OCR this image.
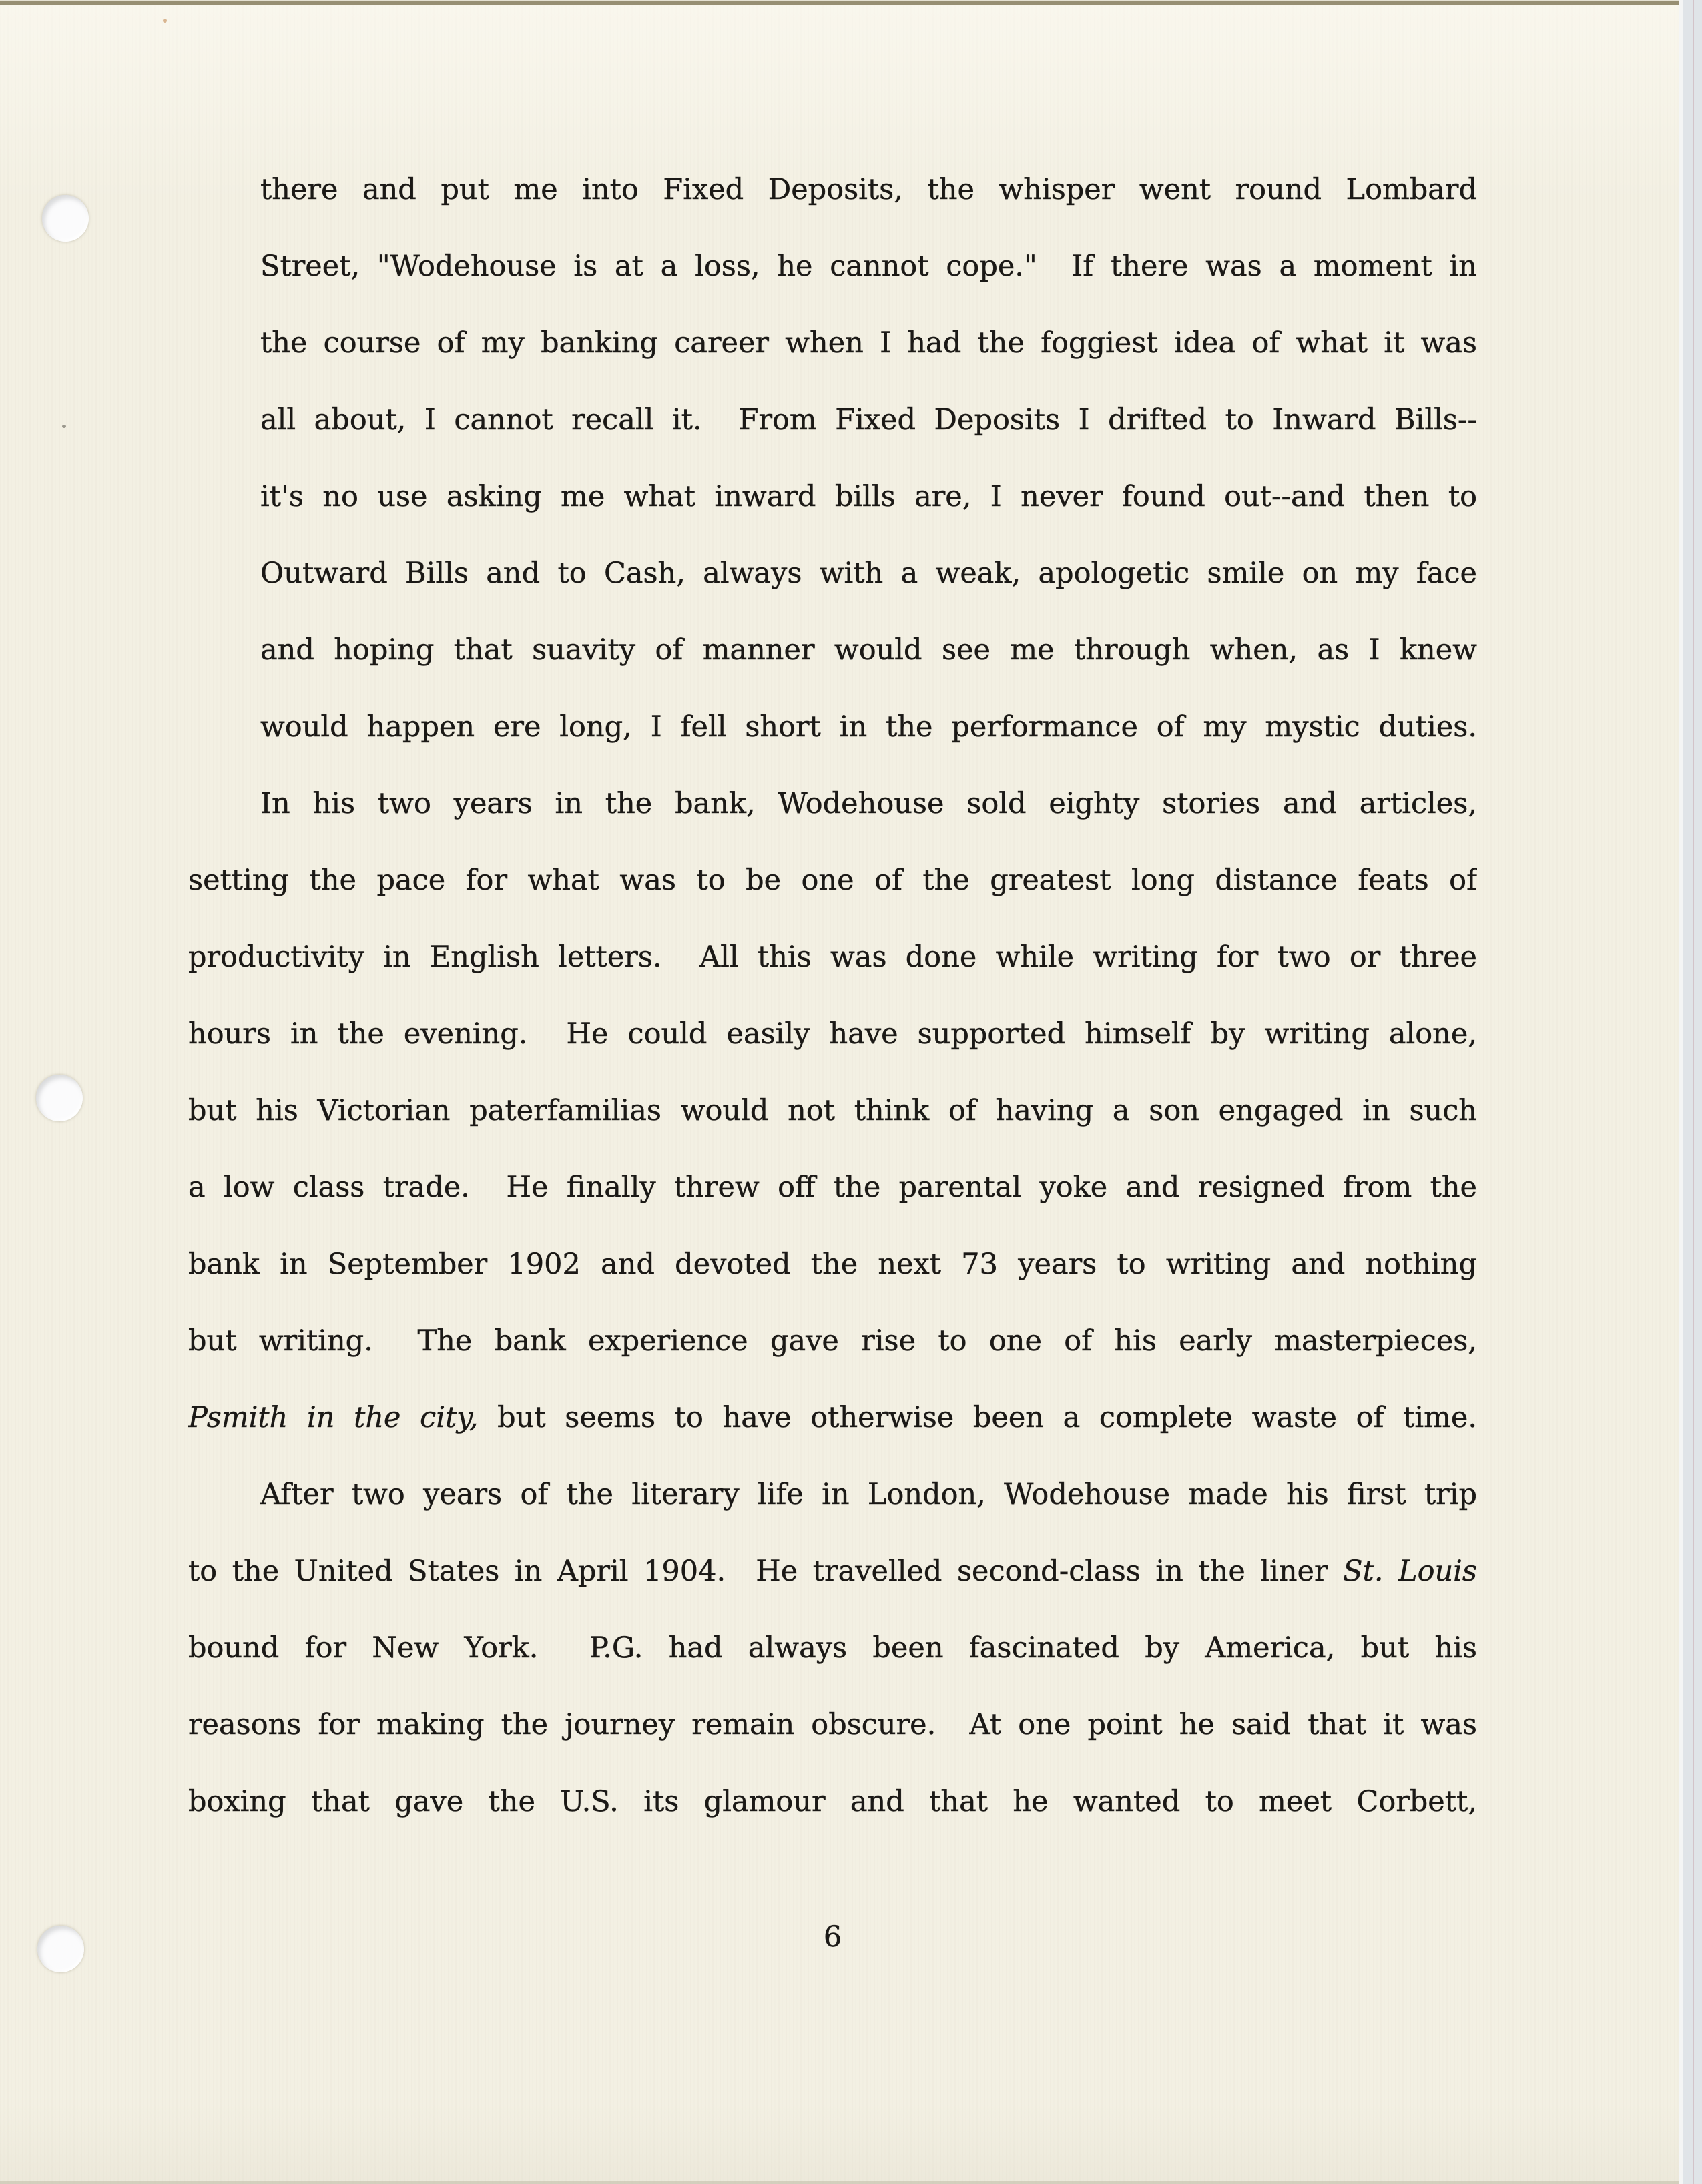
there and put me into Fixed Deposits, the whisper went round Lombard
Street, "Wodehouse is at a loss, he cannot cope."  If there was a moment in
the course of my banking career when I had the foggiest idea of what it was
all about, I cannot recall it.  From Fixed Deposits I drifted to Inward Bills--
it's no use asking me what inward bills are, I never found out--and then to
Outward Bills and to Cash, always with a weak, apologetic smile on my face
and hoping that suavity of manner would see me through when, as I knew
would happen ere long, I fell short in the performance of my mystic duties.
In his two years in the bank, Wodehouse sold eighty stories and articles,
setting the pace for what was to be one of the greatest long distance feats of
productivity in English letters.  All this was done while writing for two or three
hours in the evening.  He could easily have supported himself by writing alone,
but his Victorian paterfamilias would not think of having a son engaged in such
a low class trade.  He finally threw off the parental yoke and resigned from the
bank in September 1902 and devoted the next 73 years to writing and nothing
but writing.  The bank experience gave rise to one of his early masterpieces,
Psmith in the city, but seems to have otherwise been a complete waste of time.
After two years of the literary life in London, Wodehouse made his first trip
to the United States in April 1904.  He travelled second-class in the liner St. Louis
bound for New York.  P.G. had always been fascinated by America, but his
reasons for making the journey remain obscure.  At one point he said that it was
boxing that gave the U.S. its glamour and that he wanted to meet Corbett,
6
